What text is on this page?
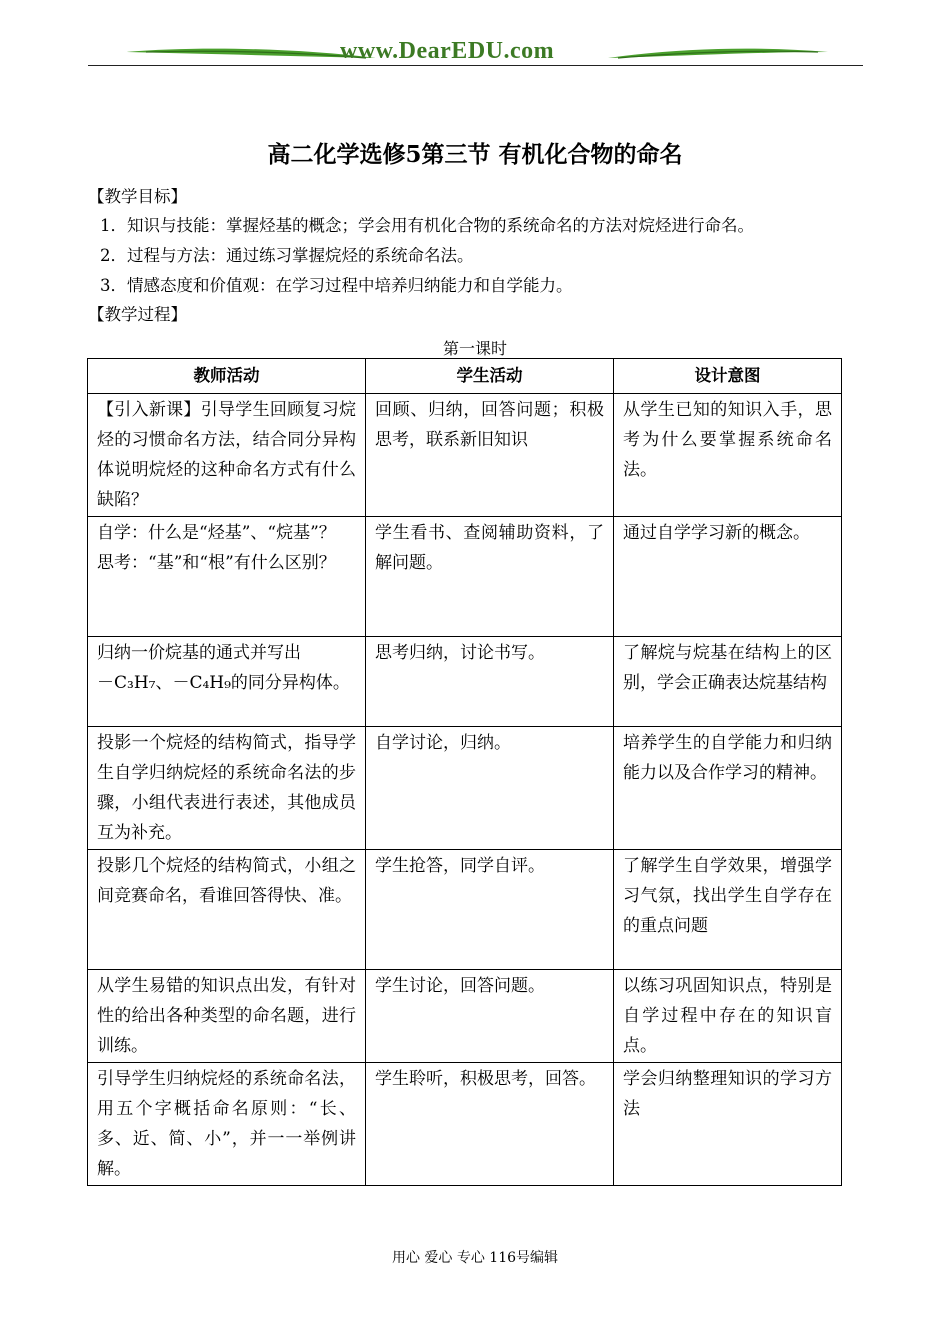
www.DearEDU.com
高二化学选修5第三节 有机化合物的命名
【教学目标】
1．知识与技能：掌握烃基的概念；学会用有机化合物的系统命名的方法对烷烃进行命名。
2．过程与方法：通过练习掌握烷烃的系统命名法。
3．情感态度和价值观：在学习过程中培养归纳能力和自学能力。
【教学过程】
第一课时
教师活动	学生活动	设计意图
【引入新课】引导学生回顾复习烷烃的习惯命名方法，结合同分异构体说明烷烃的这种命名方式有什么缺陷？	回顾、归纳，回答问题；积极思考，联系新旧知识	从学生已知的知识入手，思考为什么要掌握系统命名法。
自学：什么是“烃基”、“烷基”？
思考：“基”和“根”有什么区别？	学生看书、查阅辅助资料，了解问题。	通过自学学习新的概念。
归纳一价烷基的通式并写出
－C₃H₇、－C₄H₉的同分异构体。	思考归纳，讨论书写。	了解烷与烷基在结构上的区别，学会正确表达烷基结构
投影一个烷烃的结构简式，指导学生自学归纳烷烃的系统命名法的步骤，小组代表进行表述，其他成员互为补充。	自学讨论，归纳。	培养学生的自学能力和归纳能力以及合作学习的精神。
投影几个烷烃的结构简式，小组之间竞赛命名，看谁回答得快、准。	学生抢答，同学自评。	了解学生自学效果，增强学习气氛，找出学生自学存在的重点问题
从学生易错的知识点出发，有针对性的给出各种类型的命名题，进行训练。	学生讨论，回答问题。	以练习巩固知识点，特别是自学过程中存在的知识盲点。
引导学生归纳烷烃的系统命名法，用五个字概括命名原则：“长、多、近、简、小”，并一一举例讲解。	学生聆听，积极思考，回答。	学会归纳整理知识的学习方法
用心 爱心 专心 116号编辑
